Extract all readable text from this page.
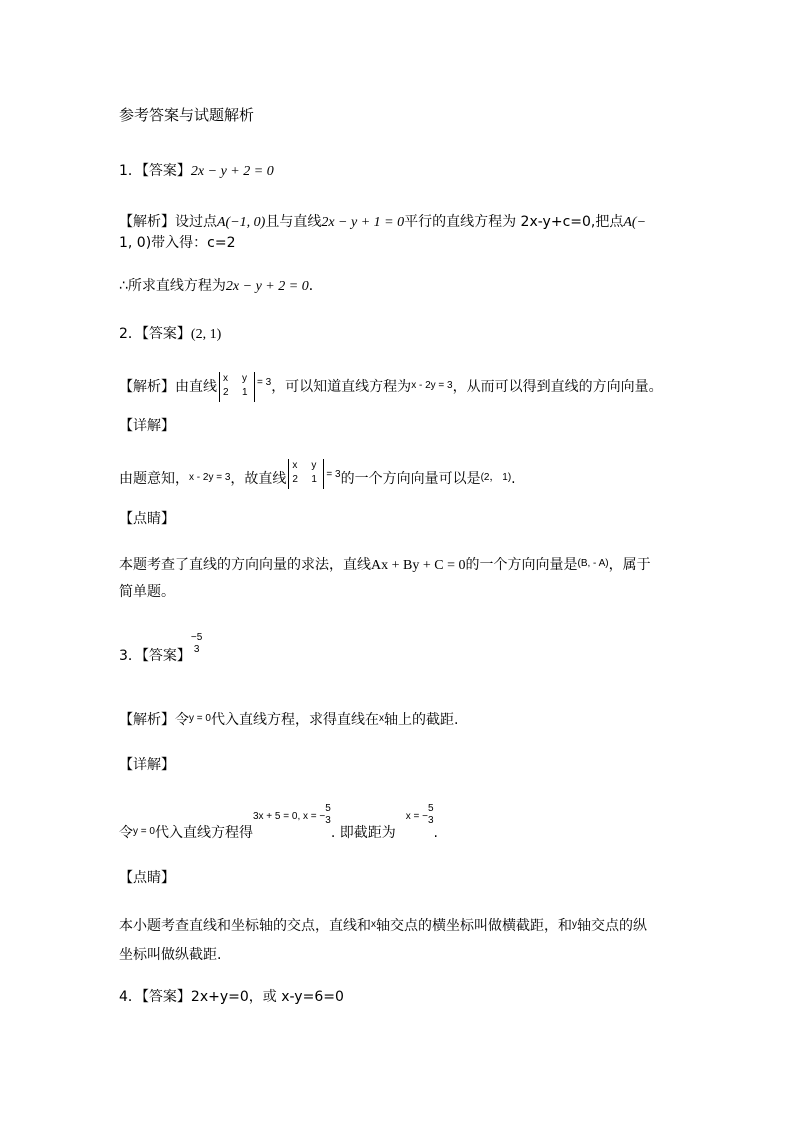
参考答案与试题解析
1．【答案】2x − y + 2 = 0
【解析】设过点A(−1, 0)且与直线2x − y + 1 = 0平行的直线方程为 2x-y+c=0,把点A(−
1, 0)带入得：c=2
∴所求直线方程为2x − y + 2 = 0．
2．【答案】(2, 1)
【解析】由直线
x y
2 1
$^{= 3}$，可以知道直线方程为$^{x - 2y = 3}$，从而可以得到直线的方向向量。
【详解】
由题意知，$^{x - 2y = 3}$，故直线
x y
2 1 $^{= 3}$的一个方向向量可以是$^{(2, 1)}$.
【点睛】
本题考查了直线的方向向量的求法，直线Ax + By + C = 0的一个方向向量是$^{(B, - A)}$，属于
简单题。
3．【答案】
−5
3
【解析】令$^{y = 0}$代入直线方程，求得直线在$^x$轴上的截距.
【详解】
令$_{y = 0}$代入直线方程得3x + 5 = 0, x = −
5
3
. 即截距为x = −
5
3
.
【点睛】
本小题考查直线和坐标轴的交点，直线和$^x$轴交点的横坐标叫做横截距，和$^y$轴交点的纵
坐标叫做纵截距.
4．【答案】2x+y=0，或 x-y=6=0
